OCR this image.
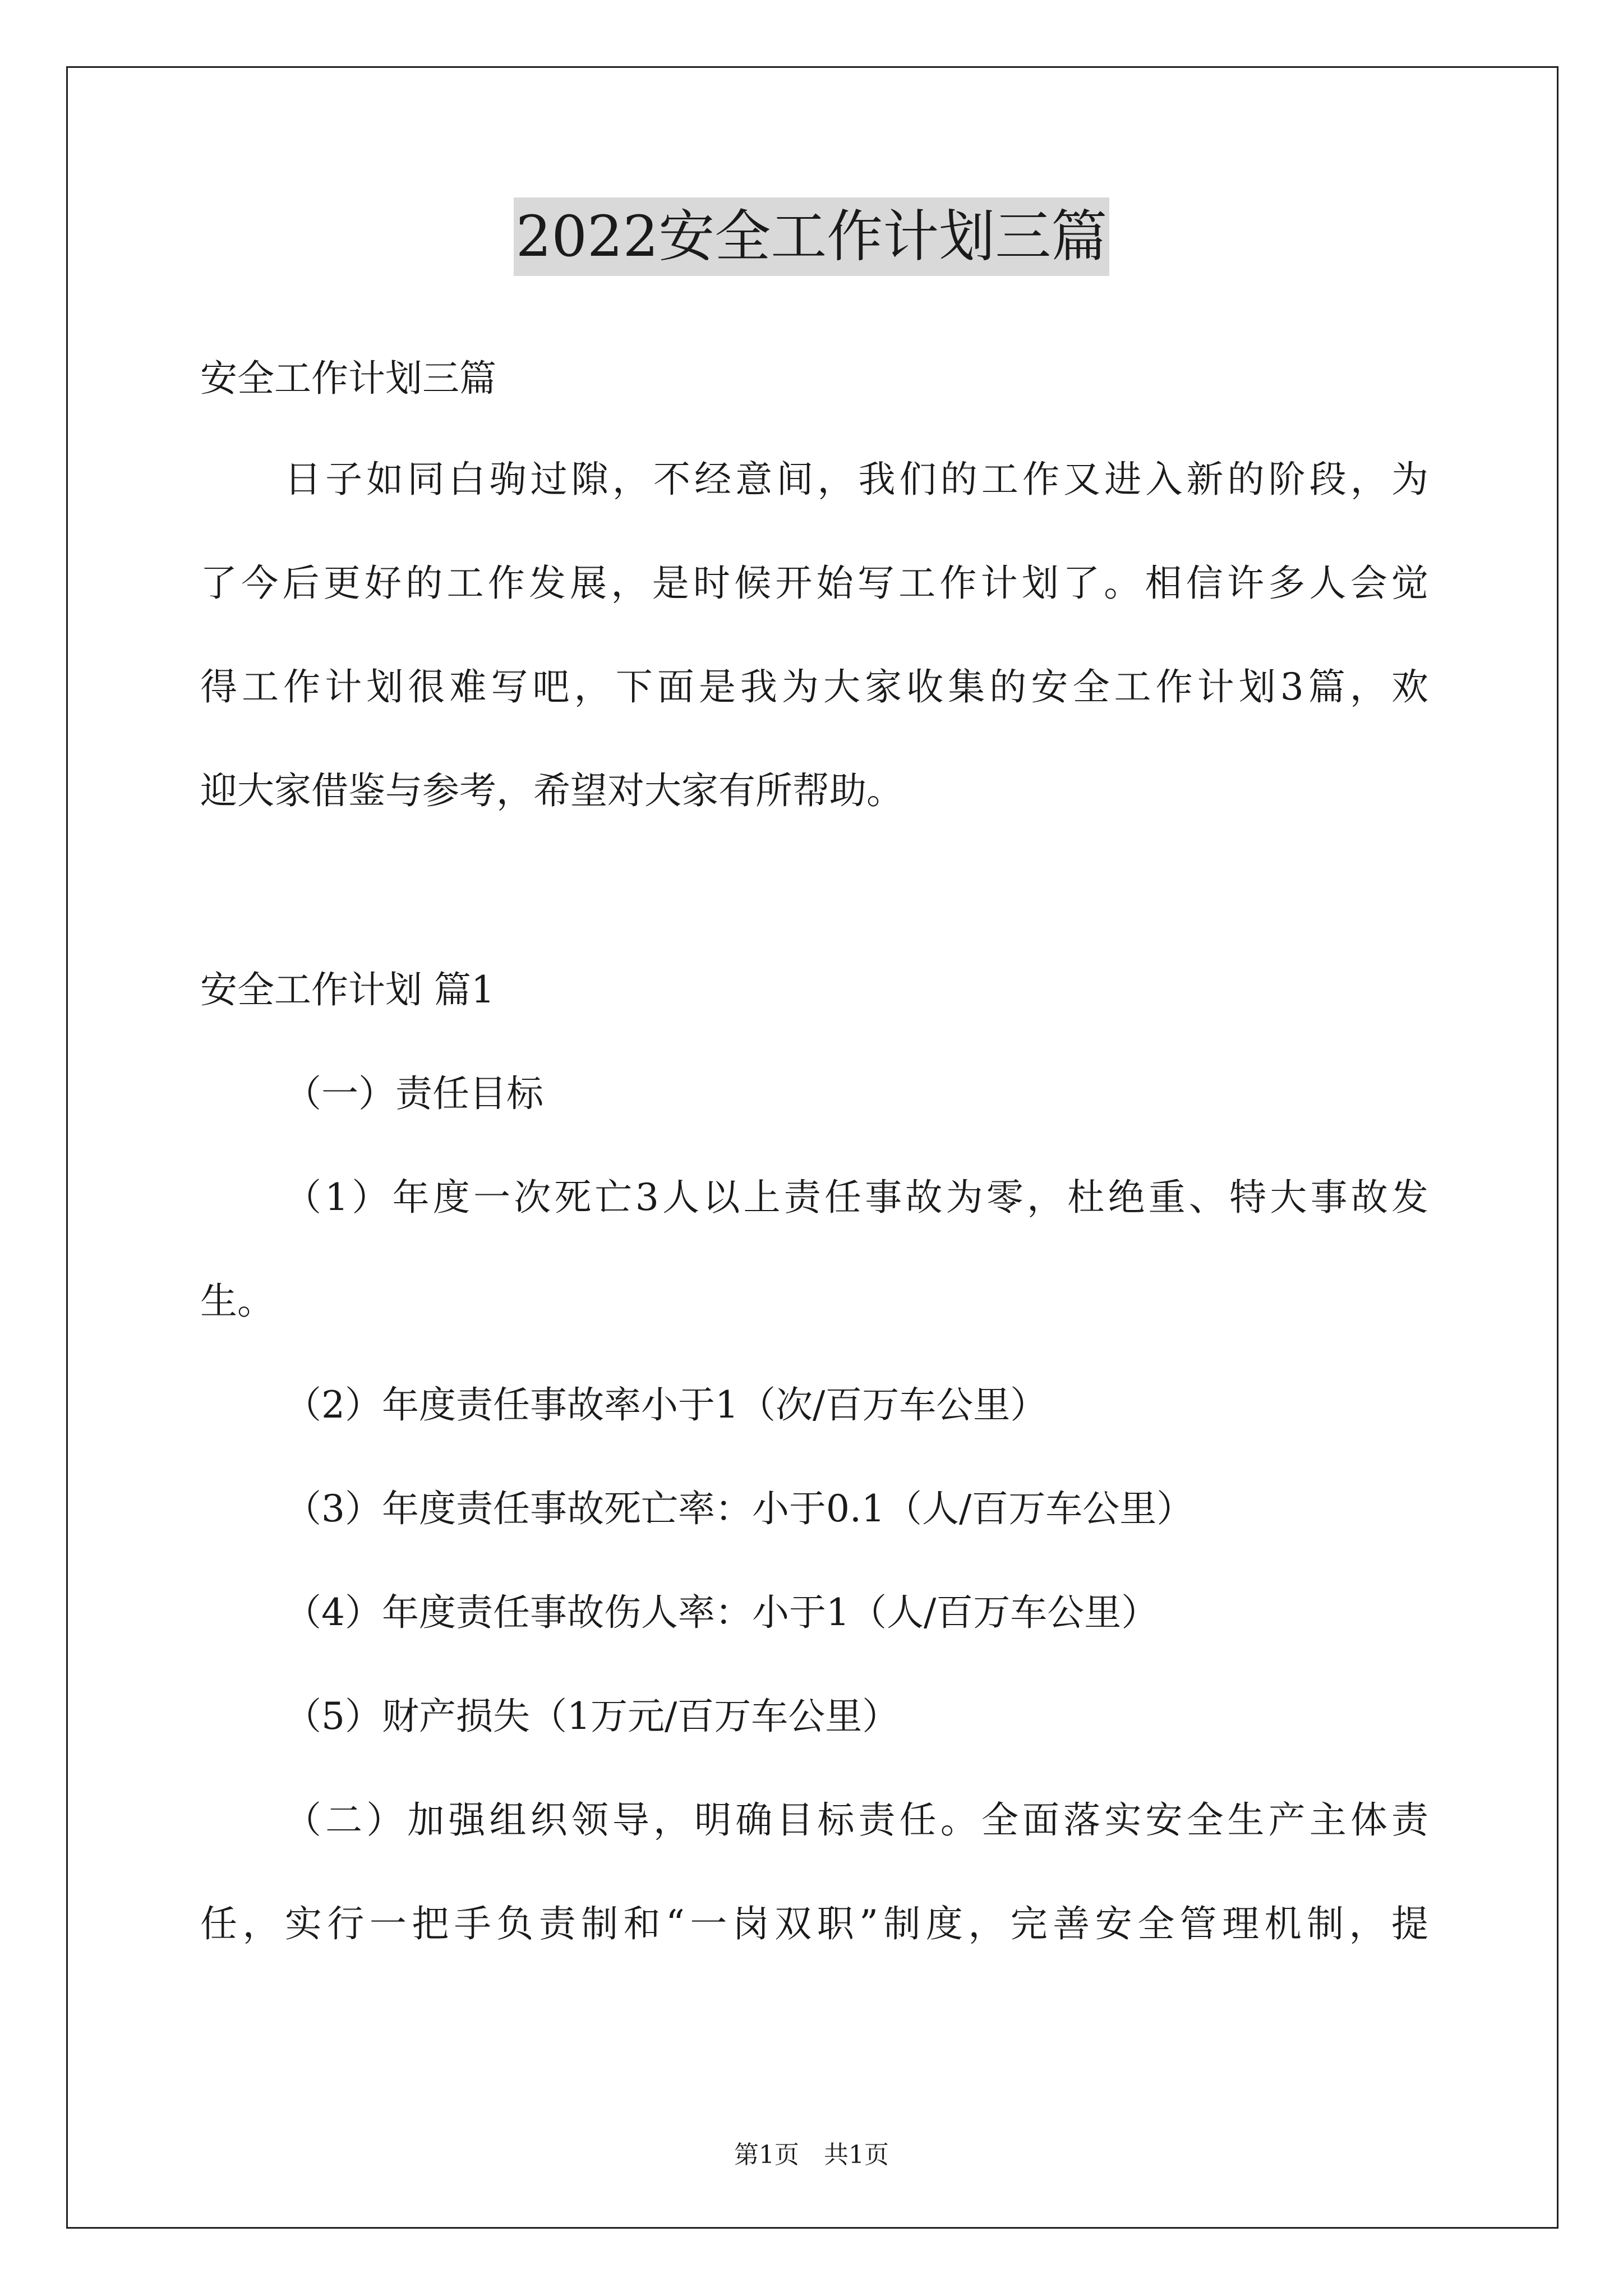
2022安全工作计划三篇
安全工作计划三篇
日子如同白驹过隙，不经意间，我们的工作又进入新的阶段，为
了今后更好的工作发展，是时候开始写工作计划了。相信许多人会觉
得工作计划很难写吧，下面是我为大家收集的安全工作计划3篇，欢
迎大家借鉴与参考，希望对大家有所帮助。
安全工作计划 篇1
（一）责任目标
（1）年度一次死亡3人以上责任事故为零，杜绝重、特大事故发
生。
（2）年度责任事故率小于1（次/百万车公里）
（3）年度责任事故死亡率：小于0.1（人/百万车公里）
（4）年度责任事故伤人率：小于1（人/百万车公里）
（5）财产损失（1万元/百万车公里）
（二）加强组织领导，明确目标责任。全面落实安全生产主体责
任，实行一把手负责制和“一岗双职”制度，完善安全管理机制，提
第1页　共1页
